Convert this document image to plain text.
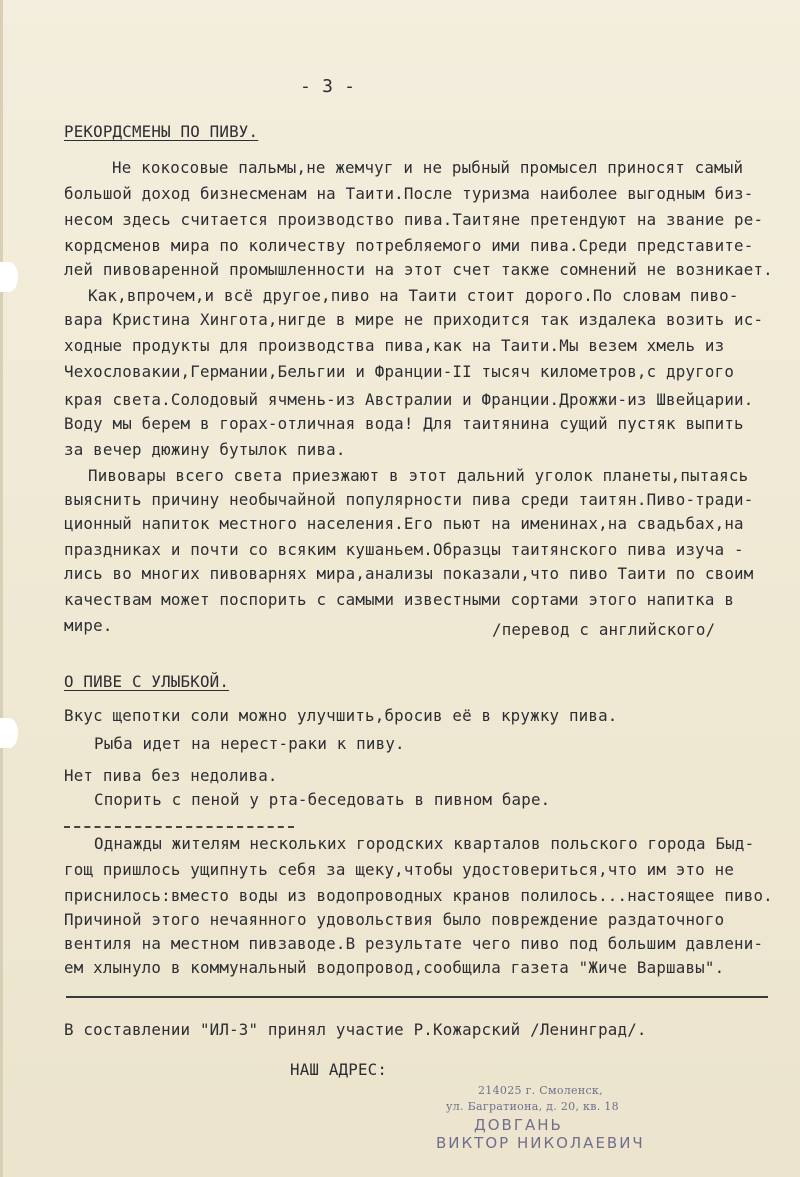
- 3 -
РЕКОРДСМЕНЫ ПО ПИВУ.
Не кокосовые пальмы,не жемчуг и не рыбный промысел приносят самый
большой доход бизнесменам на Таити.После туризма наиболее выгодным биз-
несом здесь считается производство пива.Таитяне претендуют на звание ре-
кордсменов мира по количеству потребляемого ими пива.Среди представите-
лей пивоваренной промышленности на этот счет также сомнений не возникает.
Как,впрочем,и всё другое,пиво на Таити стоит дорого.По словам пиво-
вара Кристина Хингота,нигде в мире не приходится так издалека возить ис-
ходные продукты для производства пива,как на Таити.Мы везем хмель из
Чехословакии,Германии,Бельгии и Франции-II тысяч километров,с другого
края света.Солодовый ячмень-из Австралии и Франции.Дрожжи-из Швейцарии.
Воду мы берем в горах-отличная вода! Для таитянина сущий пустяк выпить
за вечер дюжину бутылок пива.
Пивовары всего света приезжают в этот дальний уголок планеты,пытаясь
выяснить причину необычайной популярности пива среди таитян.Пиво-тради-
ционный напиток местного населения.Его пьют на именинах,на свадьбах,на
праздниках и почти со всяким кушаньем.Образцы таитянского пива изуча -
лись во многих пивоварнях мира,анализы показали,что пиво Таити по своим
качествам может поспорить с самыми известными сортами этого напитка в
мире.	/перевод с английского/
О ПИВЕ С УЛЫБКОЙ.
Вкус щепотки соли можно улучшить,бросив её в кружку пива.
Рыба идет на нерест-раки к пиву.
Нет пива без недолива.
Спорить с пеной у рта-беседовать в пивном баре.
Однажды жителям нескольких городских кварталов польского города Быд-
гощ пришлось ущипнуть себя за щеку,чтобы удостовериться,что им это не
приснилось:вместо воды из водопроводных кранов полилось...настоящее пиво.
Причиной этого нечаянного удовольствия было повреждение раздаточного
вентиля на местном пивзаводе.В результате чего пиво под большим давлени-
ем хлынуло в коммунальный водопровод,сообщила газета "Жиче Варшавы".
В составлении "ИЛ-3" принял участие Р.Кожарский /Ленинград/.
НАШ АДРЕС:
214025 г. Смоленск,
ул. Багратиона, д. 20, кв. 18
ДОВГАНЬ
ВИКТОР НИКОЛАЕВИЧ
